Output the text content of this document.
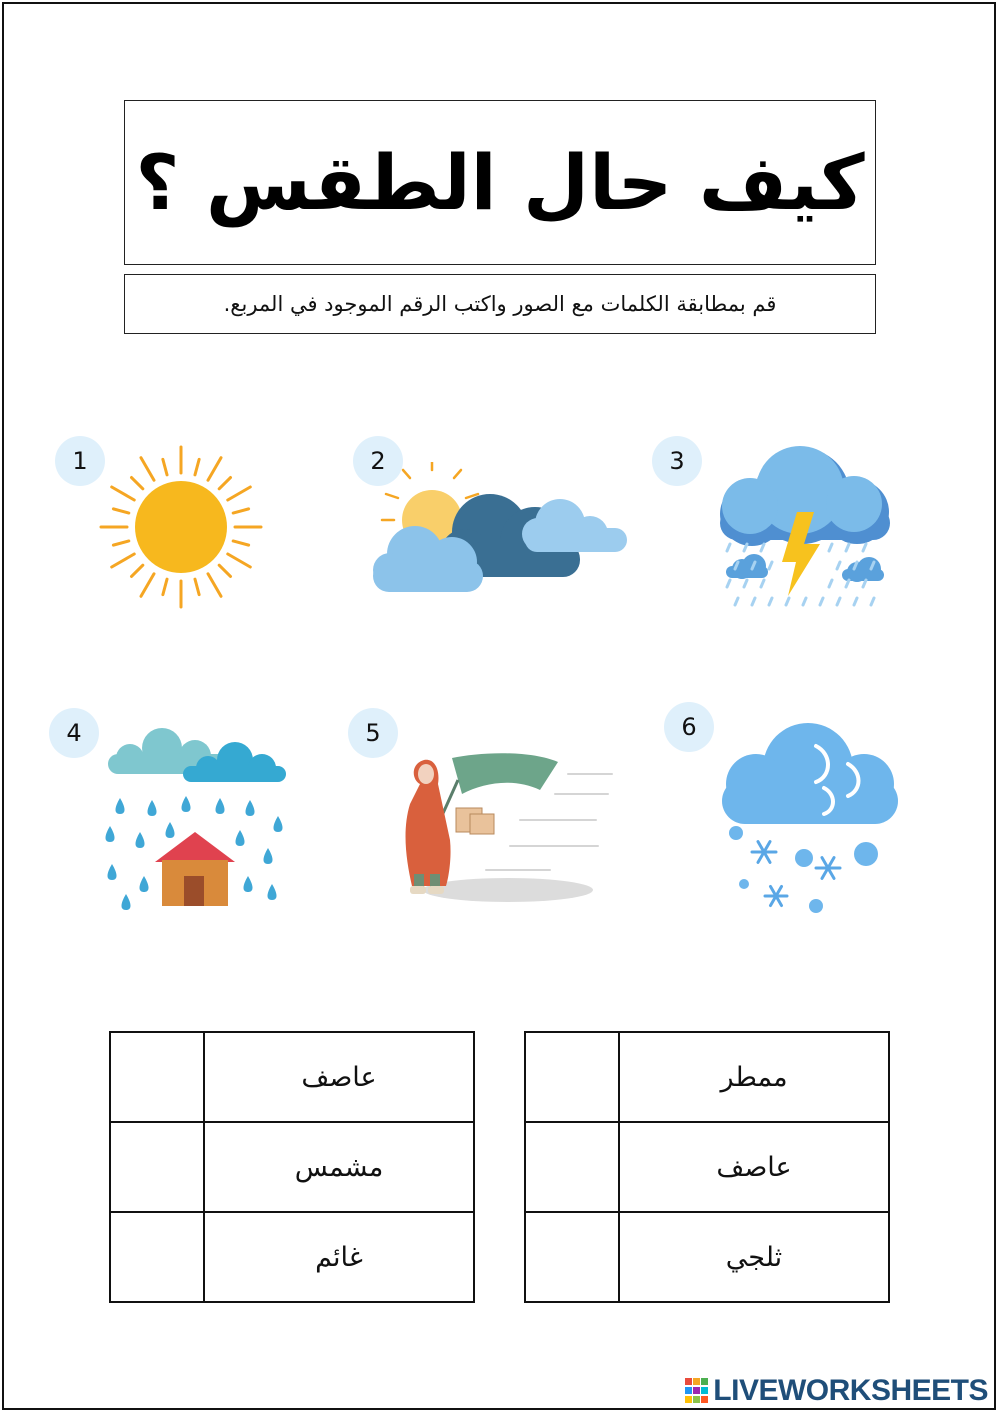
كيف حال الطقس ؟
قم بمطابقة الكلمات مع الصور واكتب الرقم الموجود في المربع.
1	2	3
4	5	6
	عاصف
	مشمس
	غائم
	ممطر
	عاصف
	ثلجي
LIVEWORKSHEETS
